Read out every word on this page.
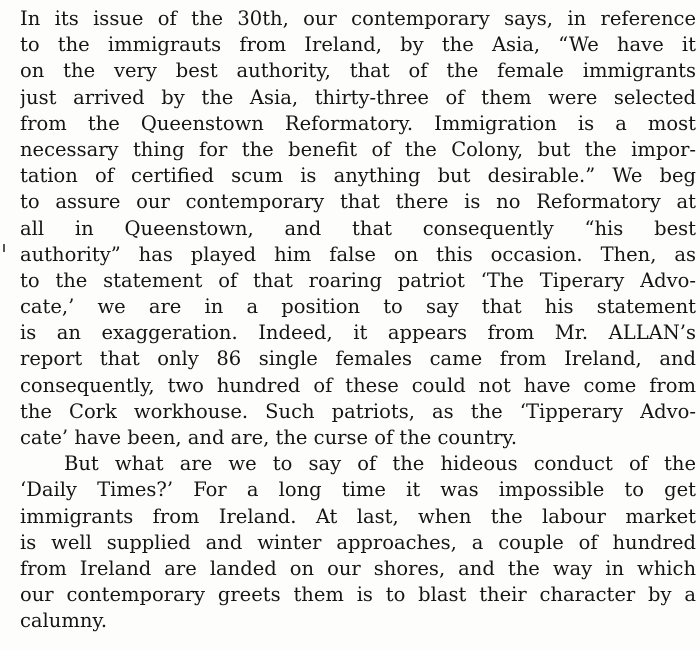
In its issue of the 30th, our contemporary says, in reference
to the immigrauts from Ireland, by the Asia, “We have it
on the very best authority, that of the female immigrants
just arrived by the Asia, thirty-three of them were selected
from the Queenstown Reformatory. Immigration is a most
necessary thing for the benefit of the Colony, but the impor-
tation of certified scum is anything but desirable.” We beg
to assure our contemporary that there is no Reformatory at
all in Queenstown, and that consequently “his best
authority” has played him false on this occasion. Then, as
to the statement of that roaring patriot ‘The Tiperary Advo-
cate,’ we are in a position to say that his statement
is an exaggeration. Indeed, it appears from Mr. ALLAN’s
report that only 86 single females came from Ireland, and
consequently, two hundred of these could not have come from
the Cork workhouse. Such patriots, as the ‘Tipperary Advo-
cate’ have been, and are, the curse of the country.
But what are we to say of the hideous conduct of the
‘Daily Times?’ For a long time it was impossible to get
immigrants from Ireland. At last, when the labour market
is well supplied and winter approaches, a couple of hundred
from Ireland are landed on our shores, and the way in which
our contemporary greets them is to blast their character by a
calumny.
